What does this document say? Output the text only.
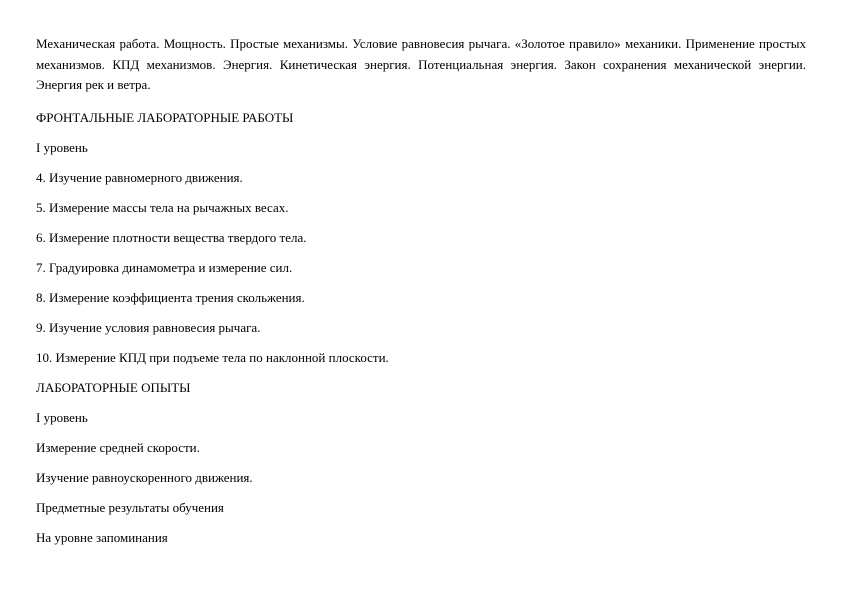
Механическая работа. Мощность. Простые механизмы. Условие равновесия рычага. «Золотое правило» механики. Применение простых механизмов. КПД механизмов. Энергия. Кинетическая энергия. Потенциальная энергия. Закон сохранения механической энергии. Энергия рек и ветра.

ФРОНТАЛЬНЫЕ ЛАБОРАТОРНЫЕ РАБОТЫ
I уровень
4. Изучение равномерного движения.
5. Измерение массы тела на рычажных весах.
6. Измерение плотности вещества твердого тела.
7. Градуировка динамометра и измерение сил.
8. Измерение коэффициента трения скольжения.
9. Изучение условия равновесия рычага.
10. Измерение КПД при подъеме тела по наклонной плоскости.
ЛАБОРАТОРНЫЕ ОПЫТЫ
I уровень
Измерение средней скорости.
Изучение равноускоренного движения.
Предметные результаты обучения
На уровне запоминания
